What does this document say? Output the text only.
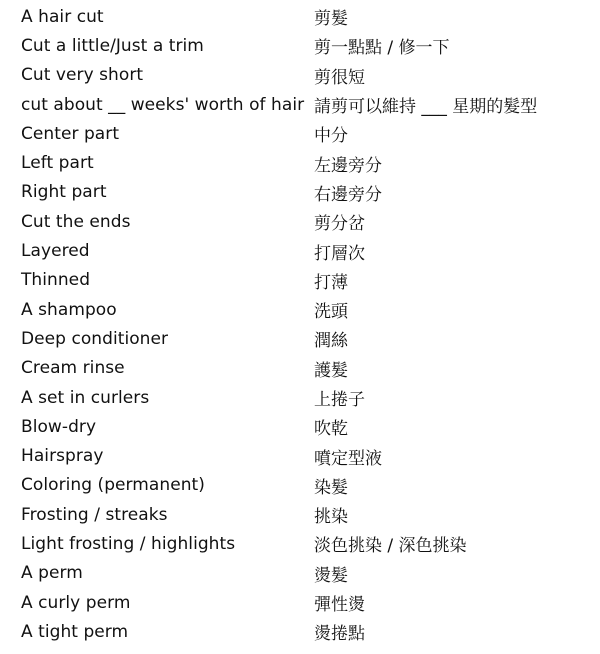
A hair cut	剪髮
Cut a little/Just a trim	剪一點點 / 修一下
Cut very short	剪很短
cut about __ weeks' worth of hair 請剪可以維持 ___ 星期的髮型
Center part	中分
Left part	左邊旁分
Right part	右邊旁分
Cut the ends	剪分岔
Layered	打層次
Thinned	打薄
A shampoo	洗頭
Deep conditioner	潤絲
Cream rinse	護髮
A set in curlers	上捲子
Blow-dry	吹乾
Hairspray	噴定型液
Coloring (permanent)	染髮
Frosting / streaks	挑染
Light frosting / highlights	淡色挑染 / 深色挑染
A perm	燙髮
A curly perm	彈性燙
A tight perm	燙捲點
